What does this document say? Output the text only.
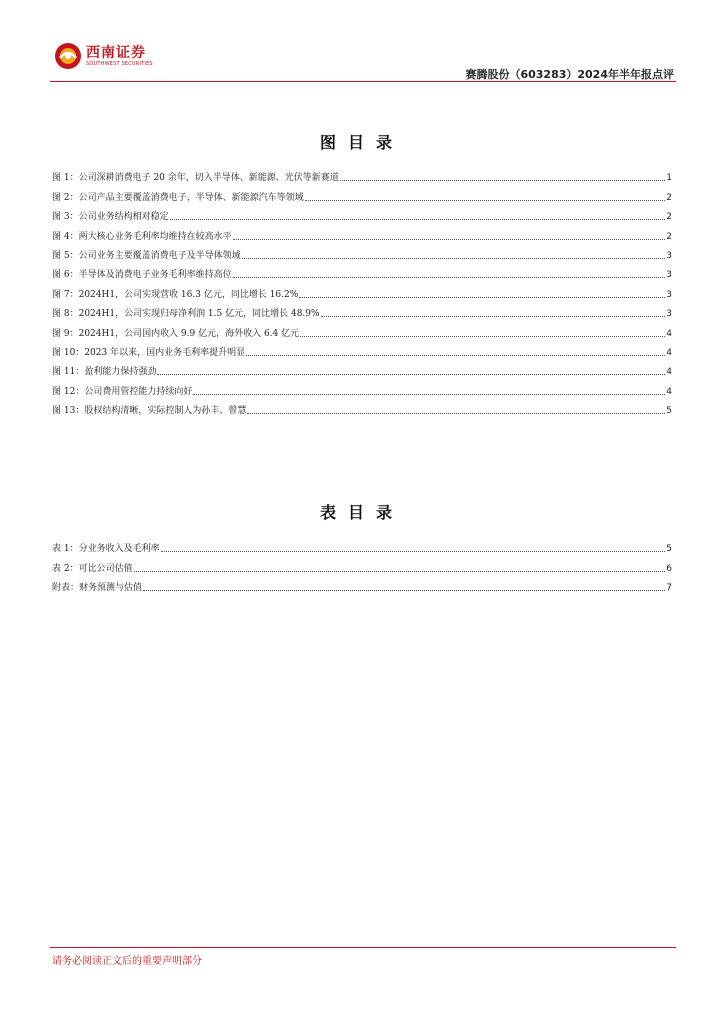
西南证券
SOUTHWEST SECURITIES
赛腾股份（603283）2024年半年报点评
图目录
图 1：公司深耕消费电子 20 余年，切入半导体、新能源、光伏等新赛道	1
图 2：公司产品主要覆盖消费电子、半导体、新能源汽车等领域	2
图 3：公司业务结构相对稳定	2
图 4：两大核心业务毛利率均维持在较高水平	2
图 5：公司业务主要覆盖消费电子及半导体领域	3
图 6：半导体及消费电子业务毛利率维持高位	3
图 7：2024H1，公司实现营收 16.3 亿元，同比增长 16.2%	3
图 8：2024H1，公司实现归母净利润 1.5 亿元，同比增长 48.9%	3
图 9：2024H1，公司国内收入 9.9 亿元，海外收入 6.4 亿元	4
图 10：2023 年以来，国内业务毛利率提升明显	4
图 11：盈利能力保持强劲	4
图 12：公司费用管控能力持续向好	4
图 13：股权结构清晰，实际控制人为孙丰、曾慧	5
表目录
表 1：分业务收入及毛利率	5
表 2：可比公司估值	6
附表：财务预测与估值	7
请务必阅读正文后的重要声明部分
